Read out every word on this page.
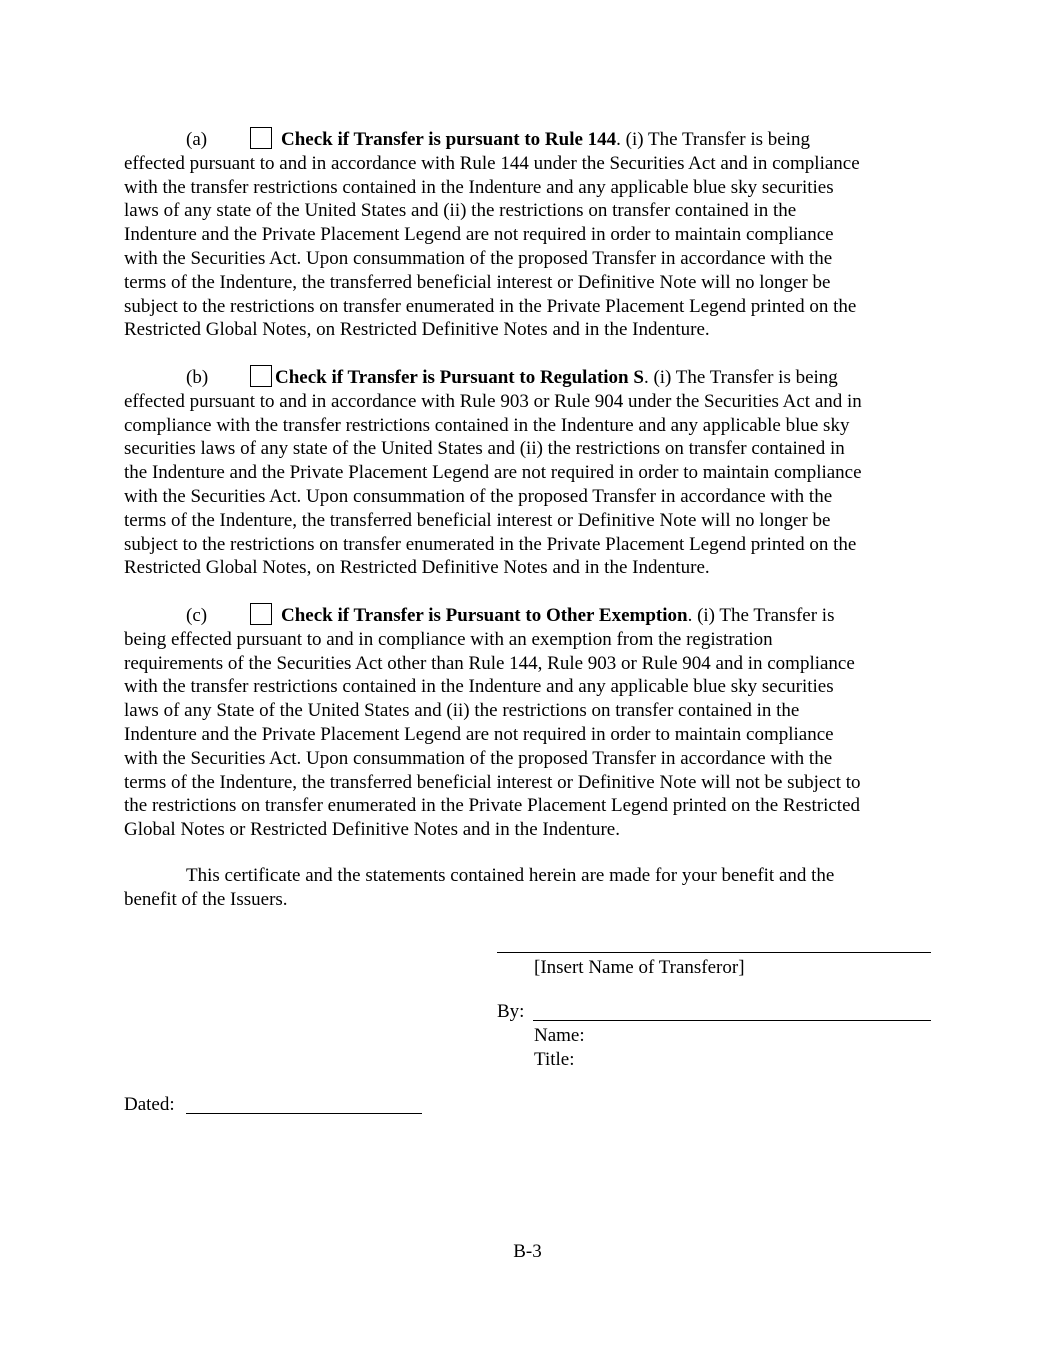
(a)	Check if Transfer is pursuant to Rule 144. (i) The Transfer is being
effected pursuant to and in accordance with Rule 144 under the Securities Act and in compliance
with the transfer restrictions contained in the Indenture and any applicable blue sky securities
laws of any state of the United States and (ii) the restrictions on transfer contained in the
Indenture and the Private Placement Legend are not required in order to maintain compliance
with the Securities Act. Upon consummation of the proposed Transfer in accordance with the
terms of the Indenture, the transferred beneficial interest or Definitive Note will no longer be
subject to the restrictions on transfer enumerated in the Private Placement Legend printed on the
Restricted Global Notes, on Restricted Definitive Notes and in the Indenture.
(b)	Check if Transfer is Pursuant to Regulation S. (i) The Transfer is being
effected pursuant to and in accordance with Rule 903 or Rule 904 under the Securities Act and in
compliance with the transfer restrictions contained in the Indenture and any applicable blue sky
securities laws of any state of the United States and (ii) the restrictions on transfer contained in
the Indenture and the Private Placement Legend are not required in order to maintain compliance
with the Securities Act. Upon consummation of the proposed Transfer in accordance with the
terms of the Indenture, the transferred beneficial interest or Definitive Note will no longer be
subject to the restrictions on transfer enumerated in the Private Placement Legend printed on the
Restricted Global Notes, on Restricted Definitive Notes and in the Indenture.
(c)	Check if Transfer is Pursuant to Other Exemption. (i) The Transfer is
being effected pursuant to and in compliance with an exemption from the registration
requirements of the Securities Act other than Rule 144, Rule 903 or Rule 904 and in compliance
with the transfer restrictions contained in the Indenture and any applicable blue sky securities
laws of any State of the United States and (ii) the restrictions on transfer contained in the
Indenture and the Private Placement Legend are not required in order to maintain compliance
with the Securities Act. Upon consummation of the proposed Transfer in accordance with the
terms of the Indenture, the transferred beneficial interest or Definitive Note will not be subject to
the restrictions on transfer enumerated in the Private Placement Legend printed on the Restricted
Global Notes or Restricted Definitive Notes and in the Indenture.
This certificate and the statements contained herein are made for your benefit and the
benefit of the Issuers.
[Insert Name of Transferor]
By:
Name:
Title:
Dated:
B-3
